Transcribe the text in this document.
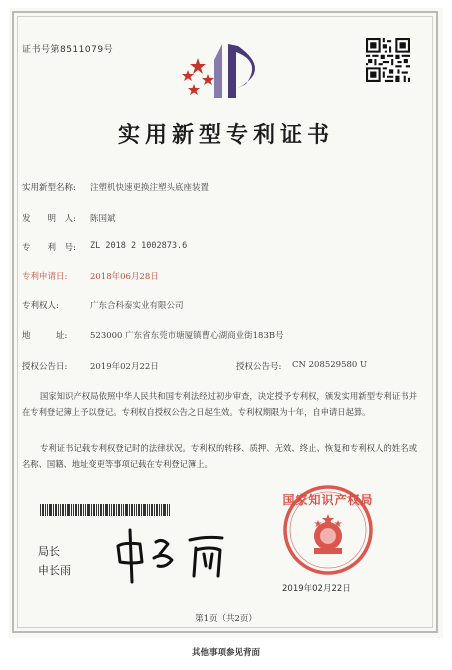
证书号第8511079号
实用新型专利证书
实用新型名称: 注塑机快速更换注塑头底座装置
发　　明　人: 陈国斌
专　　利　号: ZL 2018 2 1002873.6
专利申请日:	2018年06月28日
专利权人:	广东合科泰实业有限公司
地　　　址:	523000 广东省东莞市塘厦镇曹心湖商业街183B号
授权公告日:	2019年02月22日	授权公告号: CN 208529580 U
国家知识产权局依照中华人民共和国专利法经过初步审查，决定授予专利权，颁发实用新型专利证书并在专利登记簿上予以登记。专利权自授权公告之日起生效。专利权期限为十年，自申请日起算。
专利证书记载专利权登记时的法律状况。专利权的转移、质押、无效、终止、恢复和专利权人的姓名或名称、国籍、地址变更等事项记载在专利登记簿上。
局长
申长雨
国家知识产权局
2019年02月22日
第1页（共2页）
其他事项参见背面
